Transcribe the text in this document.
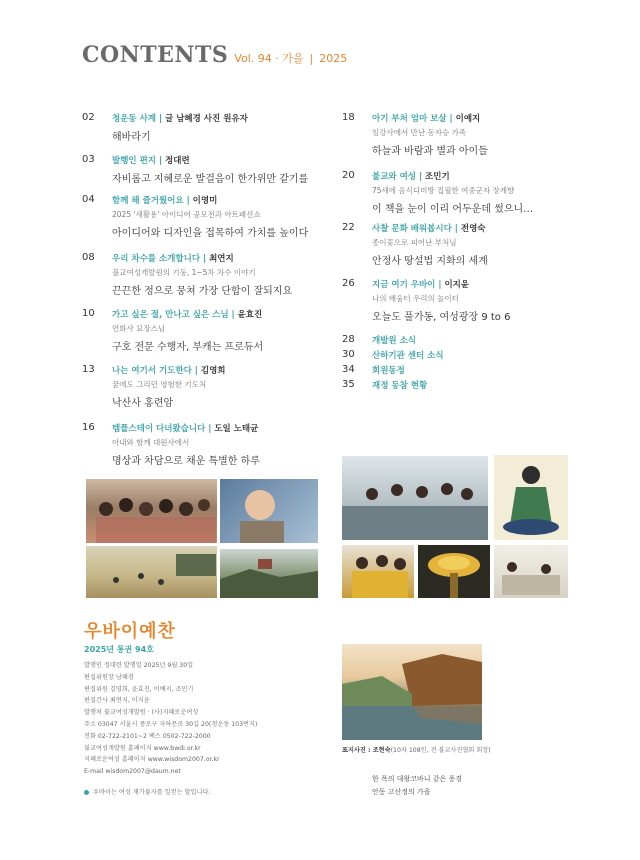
CONTENTS Vol. 94 · 가을 | 2025
02 청운동 사계 | 글 남혜경 사진 원유자
해바라기
03 발행인 편지 | 정대련
자비롭고 지혜로운 발걸음이 한가위만 같기를
04 함께 해 즐거웠어요 | 이영미
2025 '새활용' 아이디어 공모전과 아트패션쇼
아이디어와 디자인을 접목하여 가치를 높이다
08 우리 차수를 소개합니다 | 최연지
불교여성개발원의 기둥, 1~5차 차수 이야기
끈끈한 정으로 뭉쳐 가장 단합이 잘되지요
10 가고 싶은 절, 만나고 싶은 스님 | 윤효진
연화사 묘장스님
구호 전문 수행자, 부캐는 프로듀서
13 나는 여기서 기도한다 | 김영희
꿈에도 그리던 영험한 기도처
낙산사 홍련암
16 템플스테이 다녀왔습니다 | 도일 노태균
아내와 함께 대원사에서
명상과 차담으로 채운 특별한 하루
18 아기 부처 엄마 보살 | 이예지
임강사에서 만난 동자승 가족
하늘과 바람과 별과 아이들
20 불교와 여성 | 조민기
75세에 음식디미방 집필한 여중군자 장계향
이 책을 눈이 이리 어두운데 썼으니…
22 사찰 문화 배워봅시다 | 전영숙
종이꽃으로 피어난 부처님
안정사 땅설법 지화의 세계
26 지금 여기 우바이 | 이지윤
나의 배움터 우리의 놀이터
오늘도 풀가동, 여성광장 9 to 6
28 개발원 소식
30 산하기관 센터 소식
34 회원동정
35 재정 동참 현황
우바이예찬
2025년 통권 94호
발행인 정대련 발행일 2025년 9월 30일
편집위원장 남혜경
편집위원 김영희, 윤효진, 이예지, 조민기
편집간사 최연지, 이지윤
발행처 불교여성개발원 · (사)지혜로운여성
주소 03047 서울시 종로구 자하문로 30길 20(청운동 103번지)
전화 02-722-2101~2 팩스 0502-722-2000
불교여성개발원 홈페이지 www.bwdi.or.kr
지혜로운여성 홈페이지 www.wisdom2007.or.kr
E-mail wisdom2007@daum.net
우바이는 여성 재가불자를 일컫는 말입니다.
표지사진 : 조현숙(10차 108인, 전 불교사진협회 회장)
한 폭의 대왕코바니 같은 풍경
안동 고산정의 가을
